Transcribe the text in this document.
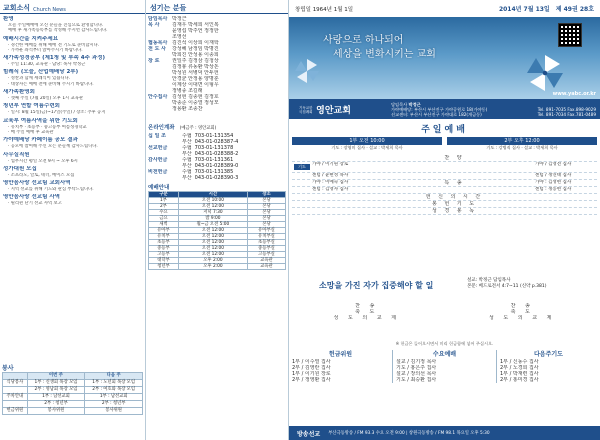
교회소식 Church News
환영
오늘 주일예배에 오신 분들을 진심으로 환영합니다.
예배 후 새가족등록부를 작성해 주시면 감사드립니다.
예배시간을 지켜주세요
· 경건한 예배를 위해 예배 전 기도로 준비합시다.
· 가까운 좌석부터 앉아주시기 바랍니다.
새가족성경공부 (제1청 및 부속 4주 과정)
· 주일 11:30, 교육관 · 담당: 목사 박정근
힘례식 (오늘, 산업예배당 2부)
· 성찬과 함께 세례식이 있습니다.
· 대상자는 예배 전에 준비해 주시기 바랍니다.
새가족환영회
· 셋째 주일 (7월 20일) 오후 1시 교육관
청년부 연합 여름수련회
· 일시: 8월 15일(금)~17일(주일) / 장소: 추후 공지
교육부 여름사역을 위한 기도회
· 유치부 · 초등부 · 중고등부 여름성경학교
· 매 주일 예배 후 교육관
가야예배당 카페이름 공모 결과
· 공모에 참여해 주신 모든 분들께 감사드립니다.
사무실직원
· 업무시간 평일 오전 9시 ~ 오후 6시
성가대원 모집
· 소프라노, 알토, 테너, 베이스 모집
영안음사랑 선교팀 교회사역
· 지역 선교를 위해 기도와 관심 부탁드립니다.
영안음사랑 선교팀 사역
· 필리핀 단기 선교 사역 보고
봉사
	이번 주	다음 주
식당봉사	1부 : 신생회 목장 모임	1부 : 노년회 목장 모임
	2부 : 영남회 목장 모임	2부 : 여호와 목장 모임
주차안내	1부 : 남선교회	1부 : 남선교회
	2부 : 청년부	2부 : 청년부
헌금위원	봉사위원	봉사위원
섬기는 분들
담임목사 박정근
목 사	김재우 박세희 서인복
윤영섭 박주언 정정한
조영선
협동목사 김진석 이상희 이재학
전 도 사	강성혜 남정임 박명진
박희진 안성용 이종희
장 로	권일주 김정삼 김청상
김정봉 류동환 박상돈
박성원 서병덕 안두헌
안경균 안정용 양명훈
이계상 이대면 이형우
정병종 조길래
안수집사 김성현 김종현 김정호
박종준 이중열 정성모
정용환 조종찬
온라인계좌 (예금주 : 영안교회)
십 일 조	수협 703-01-131354
부산 043-01-028387-4
선교헌금	수협 703-01-131378
부산 043-01-028388-2
감사헌금	수협 703-01-131361
부산 043-01-028389-0
비전헌금	수협 703-01-131385
부산 043-01-028390-3
예배안내
구분	시간	장소
1부	오전 10:00	본당
2부	오전 12:00	본당
수요	저녁 7:30	본당
금요	밤 9:00	본당
새벽	월~금 오전 5:00	본당
유아부	오전 12:00	유아부실
유치부	오전 12:00	유치부실
초등부	오전 12:00	초등부실
중등부	오전 12:00	중등부실
고등부	오전 12:00	고등부실
대학부	오후 2:00	교육관
청년부	오후 2:00	교육관
창립일 1964년 1월 1일	2014년 7월 13일 제 49권 28호
사랑으로 하나되어
세상을 변화시키는 교회
www.yabc.or.kr
기독교한국침례회 영안교회
담임목사 박정근
가야예배당: 부산시 부산진구 가야공원로 18(가야동)
선교센터: 부산시 부산진구 가야대로 182(개금동)
Tel. 891-7035 Fax.898-9029
Tel. 891-7034 Fax.781-0489
주일예배
1부 오전 10:00
기도 : 장영미 집사 · 설교 : 박세희 목사
2부 오후 12:00
기도 : 강병직 집사 · 설교 : 박세희 목사
찬 양
기도	가야 / 이기원 장로	가야 / 김영전 집사
센텀 / 윤현성 목사	센텀 / 정연태 집사
가야 : 이예숙 집사	특 송	가야 : 김성현 집사
센텀 : 김영자 집사	센텀 : 정동현 집사
헌 신 의 시 간
봉 헌 기 도
성 경 봉 독
소망을 가진 자가 집중해야 할 일
설교: 박정근 담임목사
본문: 베드로전서 4:7~11 (신약 p.381)
찬 송	찬 송
축 도	축 도
성 도 의 교 제	성 도 의 교 제
※ 헌금은 들어오시면서 미리 헌금함에 넣어 주십시오.
헌금위원
1부 / 이수열 집사
2부 / 김영란 집사
1부 / 이기원 장로
2부 / 정영환 집사
수요예배
설교 / 김기정 목사
기도 / 홍은주 집사
설교 / 장의선 목사
기도 / 최승환 집사
다음주기도
1부 / 신동수 집사
2부 / 노경희 집사
1부 / 박재련 집사
2부 / 홍미경 집사
방송선교	부산극동방송 / FM 93.3 수요 오전 9:00 | 창원극동방송 / FM 98.1 목요일 오후 5:30
